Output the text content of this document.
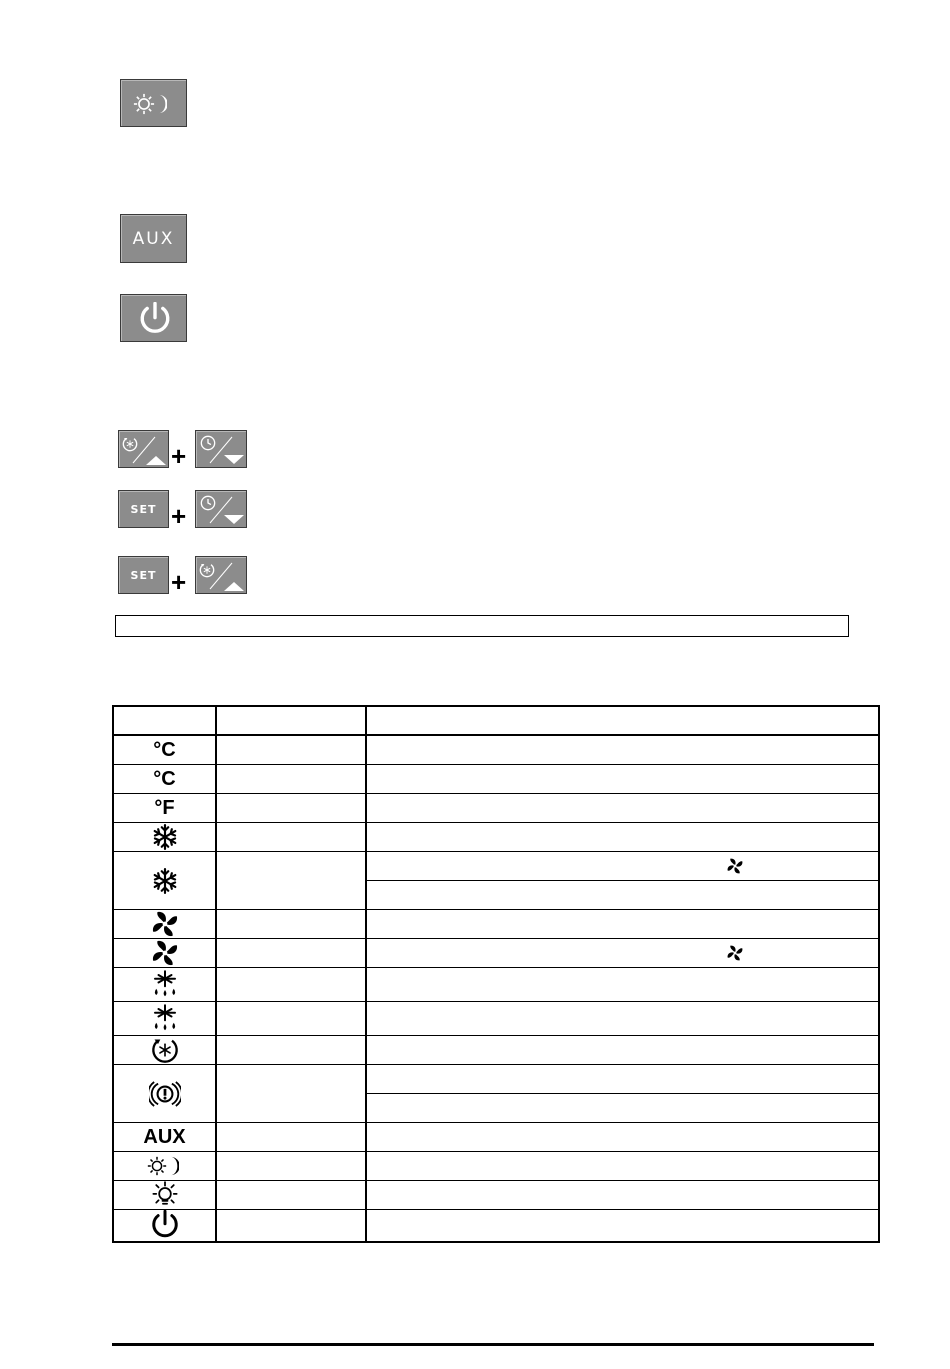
AUX
+
SET +
SET +

°C		
°C		
°F		

AUX		
